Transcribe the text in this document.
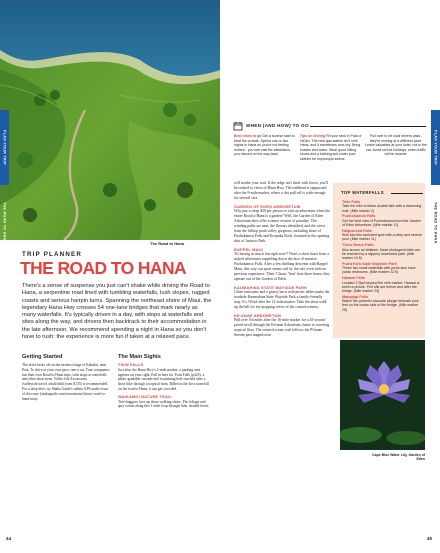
The Road to Hana
PLAN YOUR TRIP
THE ROAD TO HANA
TRIP PLANNER
THE ROAD TO HANA
There's a sense of suspense you just can't shake while driving the Road to Hana, a serpentine road lined with tumbling waterfalls, lush slopes, rugged coasts and serious hairpin turns. Spanning the northeast shore of Maui, the legendary Hana Hwy crosses 54 one-lane bridges that mark nearly as many waterfalls. It's typically driven in a day, with stops at waterfalls and sites along the way, and drivers then backtrack to their accommodation in the late afternoon. We recommend spending a night in Hana so you don't have to rush: the experience is more fun if taken at a relaxed pace.
Getting Started
The drive kicks off on the eastern fringe of Kahului, near Paia. To drive at your own pace, rent a car. Tour companies run their own Road to Hana trips, with stops at waterfalls and other attractions. Valley Isle Excursions (valleyisle.travel, adult/child from $135) is recommended. For a deep dive, try Shaka Guide's online GPS audio-tours of the route (shakaguide.com/tours/maui/classic-road-to-hana-tour).
The Main Sights
TWIN FALLS
Just after the Hana Hwy's 2-mile marker, a parking area appears on your right. Pull in here for Twin Falls (p425), a photo-gradable cascade and swimming hole reached after a short hike through a tropical farm. Billed as the first waterfall on the road to Hana, it can get crowded.
WAIKAMOI NATURE TRAIL
Tree-huggers, lace up those walking shoes. The foliage and spry scents along this 1-mile loop through lush, shaded forest
44
PLAN YOUR TRIP
THE ROAD TO HANA
WHEN (AND HOW) TO GO
Best times to go Get a sunrise start to beat the crowds. Spend one or two nights in Hana so you're not feeling rushed - you can visit the attractions you missed on the way back.
Tips on driving Fill your tank in Paia or Ha'iku. The next gas station isn't until Hana, and it sometimes runs dry. Bring snacks and water. Wear good hiking shoes and a bathing suit under your clothes for impromptu swims.
Pull over to let local drivers pass - they're moving at a different pace. Leave valuables at your hotel, not in the car. Avoid school holidays, when traffic will be heavier.
will soothe your soul. If the ridge isn't thick with forest, you'll be treated to views of Hana Hwy. The trailhead is signposted after the 9-mile marker, where a dirt pull-off is wide enough for several cars.
GARDEN OF EDEN ARBORETUM
Why pay a steep $20 per person to visit an arboretum when the entire Road to Hana is a garden? Well, the Garden of Eden Arboretum does offer a tamer version of paradise. The winding paths are neat, the flowers identified, and the views from the hilltop ptrah valley gorgeous, including those of Puohokamoa Falls and Keopuka Rock, featured in the opening shot of Jurassic Park.
RAPPEL MAUI
Tis having so much fun right now!! That's a short boast from a stoked adventurer rappelling down the face of massive Puohokamoa Falls. After a few thrilling descents with Rappel Maui, this way-out sport seems real by the rail; even with no previous experience. Their 'Classic Tour' lasts three hours; they operate out of the Garden of Eden.
KAUMAHINA STATE WAYSIDE PARK
Clean restrooms and a grassy lawn with picnic tables make the roadside Kaumahina State Wayside Park a family-friendly stop. It's 310yd after the 12-mile marker. Take the short walk up the hill for eye-popping views of the coastal scenery.
KE'ANAE ARBORETUM
Pull over 0.6 miles after the 16-mile marker for a 45-second paved stroll through the Ke'anae Arboretum, home to towering tropical flora. The scented scenic trail follows the Pi'inaau Stream past magnificent
TOP WATERFALLS
Twin Falls
Take the hike to these double falls with a swimming hole. (Mile marker 2)
Puohokamoa Falls
Get the best view of Puohokamoa from the Garden of Eden Arboretum. (Mile marker 11)
Haipua'ena Falls
Sink into this secluded spot with a deep and serene pool. (Mile marker 11)
Three Bears Falls
Also known as Waikani, these photogenic falls can be reached by a slippery downward path. (Mile marker 19.5)
Pua'a Ka'a State Wayside Park
These two small waterfalls with pools also have public restrooms. (Mile marker 22.5)
Hanawi Falls
Located 175yd beyond the mile marker, Hanawi is worth a picture. Pull offs are before and after the bridge. (Mile marker 24)
Makapipi Falls
Watch the powerful cascade plunge beneath your feet on the ocean side of the bridge. (Mile marker 25)
Cape Blue Water Lily, Garden of Eden
45
